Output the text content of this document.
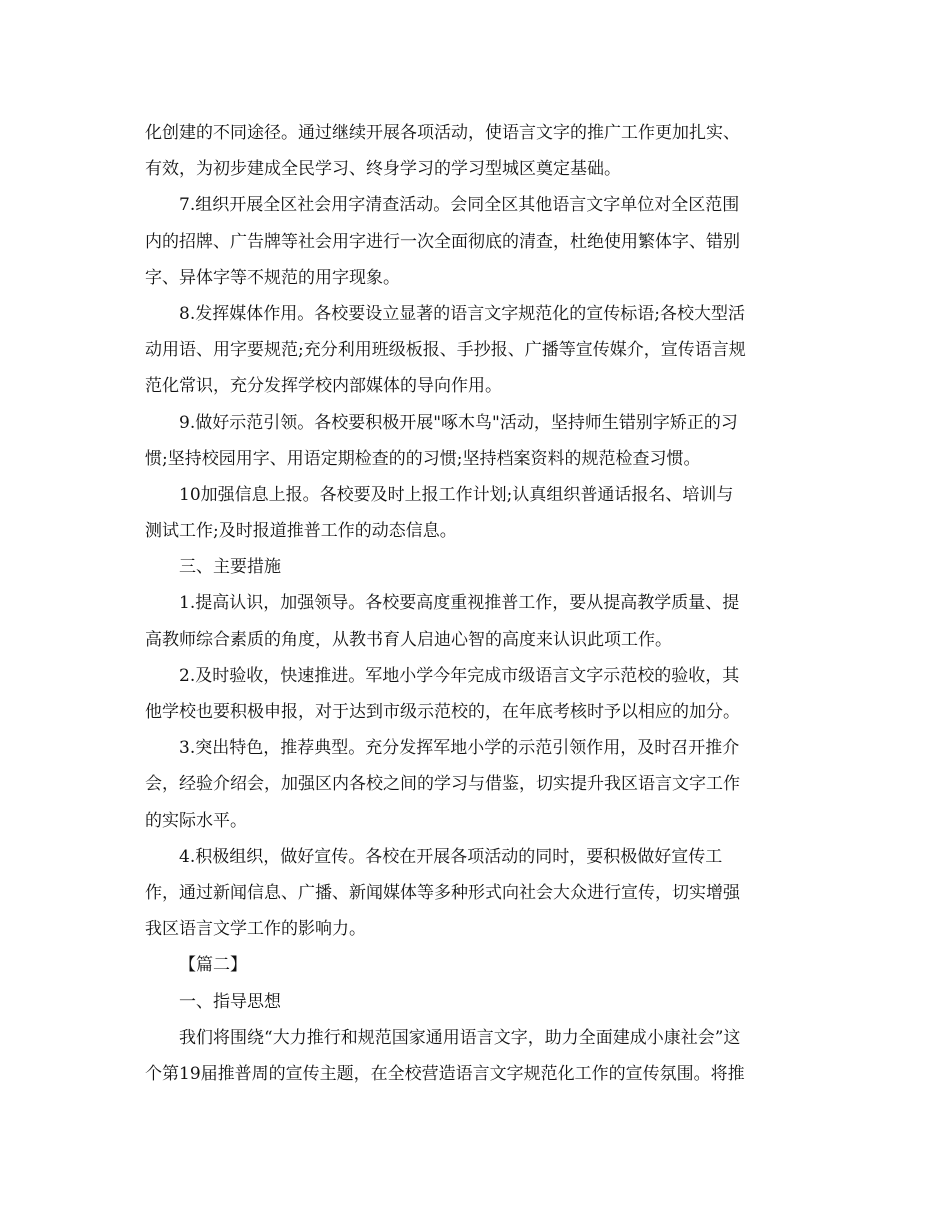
化创建的不同途径。通过继续开展各项活动，使语言文字的推广工作更加扎实、
有效，为初步建成全民学习、终身学习的学习型城区奠定基础。
7.组织开展全区社会用字清查活动。会同全区其他语言文字单位对全区范围
内的招牌、广告牌等社会用字进行一次全面彻底的清查，杜绝使用繁体字、错别
字、异体字等不规范的用字现象。
8.发挥媒体作用。各校要设立显著的语言文字规范化的宣传标语;各校大型活
动用语、用字要规范;充分利用班级板报、手抄报、广播等宣传媒介，宣传语言规
范化常识，充分发挥学校内部媒体的导向作用。
9.做好示范引领。各校要积极开展"啄木鸟"活动，坚持师生错别字矫正的习
惯;坚持校园用字、用语定期检查的的习惯;坚持档案资料的规范检查习惯。
10加强信息上报。各校要及时上报工作计划;认真组织普通话报名、培训与
测试工作;及时报道推普工作的动态信息。
三、主要措施
1.提高认识，加强领导。各校要高度重视推普工作，要从提高教学质量、提
高教师综合素质的角度，从教书育人启迪心智的高度来认识此项工作。
2.及时验收，快速推进。军地小学今年完成市级语言文字示范校的验收，其
他学校也要积极申报，对于达到市级示范校的，在年底考核时予以相应的加分。
3.突出特色，推荐典型。充分发挥军地小学的示范引领作用，及时召开推介
会，经验介绍会，加强区内各校之间的学习与借鉴，切实提升我区语言文字工作
的实际水平。
4.积极组织，做好宣传。各校在开展各项活动的同时，要积极做好宣传工
作，通过新闻信息、广播、新闻媒体等多种形式向社会大众进行宣传，切实增强
我区语言文学工作的影响力。
【篇二】
一、指导思想
我们将围绕“大力推行和规范国家通用语言文字，助力全面建成小康社会”这
个第19届推普周的宣传主题，在全校营造语言文字规范化工作的宣传氛围。将推
